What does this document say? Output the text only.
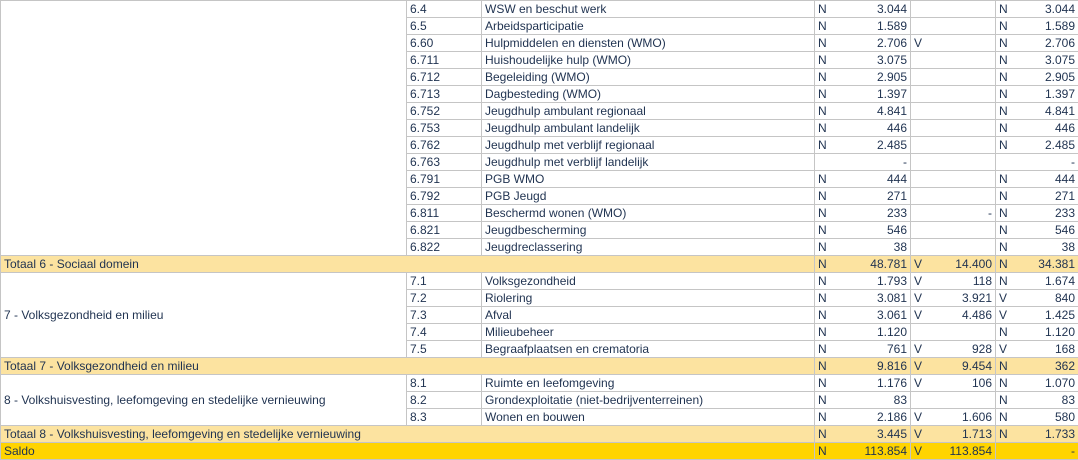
	6.4	WSW en beschut werk	N	3.044			N	3.044
	6.5	Arbeidsparticipatie	N	1.589			N	1.589
	6.60	Hulpmiddelen en diensten (WMO)	N	2.706	V		N	2.706
	6.711	Huishoudelijke hulp (WMO)	N	3.075			N	3.075
	6.712	Begeleiding (WMO)	N	2.905			N	2.905
	6.713	Dagbesteding (WMO)	N	1.397			N	1.397
	6.752	Jeugdhulp ambulant regionaal	N	4.841			N	4.841
	6.753	Jeugdhulp ambulant landelijk	N	446			N	446
	6.762	Jeugdhulp met verblijf regionaal	N	2.485			N	2.485
	6.763	Jeugdhulp met verblijf landelijk		-				-
	6.791	PGB WMO	N	444			N	444
	6.792	PGB Jeugd	N	271			N	271
	6.811	Beschermd wonen (WMO)	N	233		-	N	233
	6.821	Jeugdbescherming	N	546			N	546
	6.822	Jeugdreclassering	N	38			N	38
Totaal 6 - Sociaal domein			N	48.781	V	14.400	N	34.381
7 - Volksgezondheid en milieu	7.1	Volksgezondheid	N	1.793	V	118	N	1.674
	7.2	Riolering	N	3.081	V	3.921	V	840
	7.3	Afval	N	3.061	V	4.486	V	1.425
	7.4	Milieubeheer	N	1.120			N	1.120
	7.5	Begraafplaatsen en crematoria	N	761	V	928	V	168
Totaal 7 - Volksgezondheid en milieu			N	9.816	V	9.454	N	362
8 - Volkshuisvesting, leefomgeving en stedelijke vernieuwing	8.1	Ruimte en leefomgeving	N	1.176	V	106	N	1.070
	8.2	Grondexploitatie (niet-bedrijventerreinen)	N	83			N	83
	8.3	Wonen en bouwen	N	2.186	V	1.606	N	580
Totaal 8 - Volkshuisvesting, leefomgeving en stedelijke vernieuwing			N	3.445	V	1.713	N	1.733
Saldo			N	113.854	V	113.854		-
